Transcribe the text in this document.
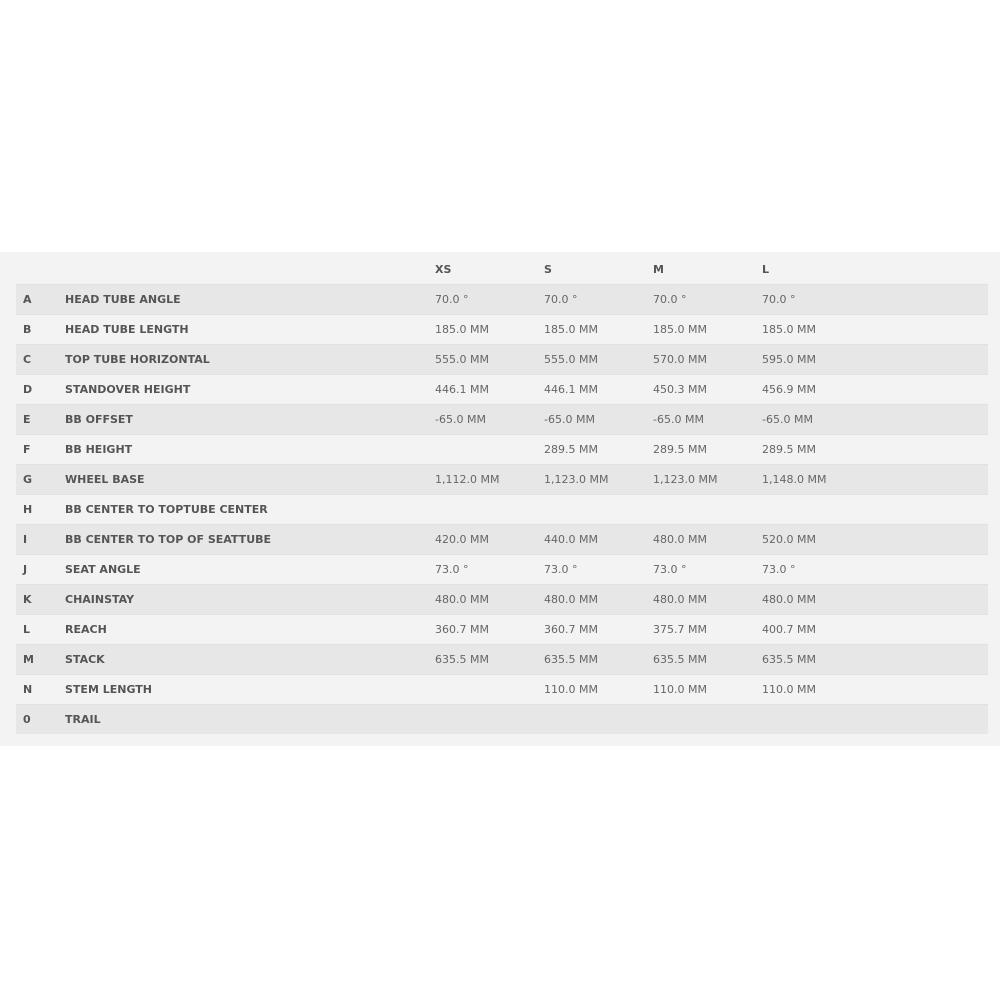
		XS	S	M	L
A	HEAD TUBE ANGLE	70.0 °	70.0 °	70.0 °	70.0 °
B	HEAD TUBE LENGTH	185.0 MM	185.0 MM	185.0 MM	185.0 MM
C	TOP TUBE HORIZONTAL	555.0 MM	555.0 MM	570.0 MM	595.0 MM
D	STANDOVER HEIGHT	446.1 MM	446.1 MM	450.3 MM	456.9 MM
E	BB OFFSET	-65.0 MM	-65.0 MM	-65.0 MM	-65.0 MM
F	BB HEIGHT		289.5 MM	289.5 MM	289.5 MM
G	WHEEL BASE	1,112.0 MM	1,123.0 MM	1,123.0 MM	1,148.0 MM
H	BB CENTER TO TOPTUBE CENTER				
I	BB CENTER TO TOP OF SEATTUBE	420.0 MM	440.0 MM	480.0 MM	520.0 MM
J	SEAT ANGLE	73.0 °	73.0 °	73.0 °	73.0 °
K	CHAINSTAY	480.0 MM	480.0 MM	480.0 MM	480.0 MM
L	REACH	360.7 MM	360.7 MM	375.7 MM	400.7 MM
M	STACK	635.5 MM	635.5 MM	635.5 MM	635.5 MM
N	STEM LENGTH		110.0 MM	110.0 MM	110.0 MM
0	TRAIL				
